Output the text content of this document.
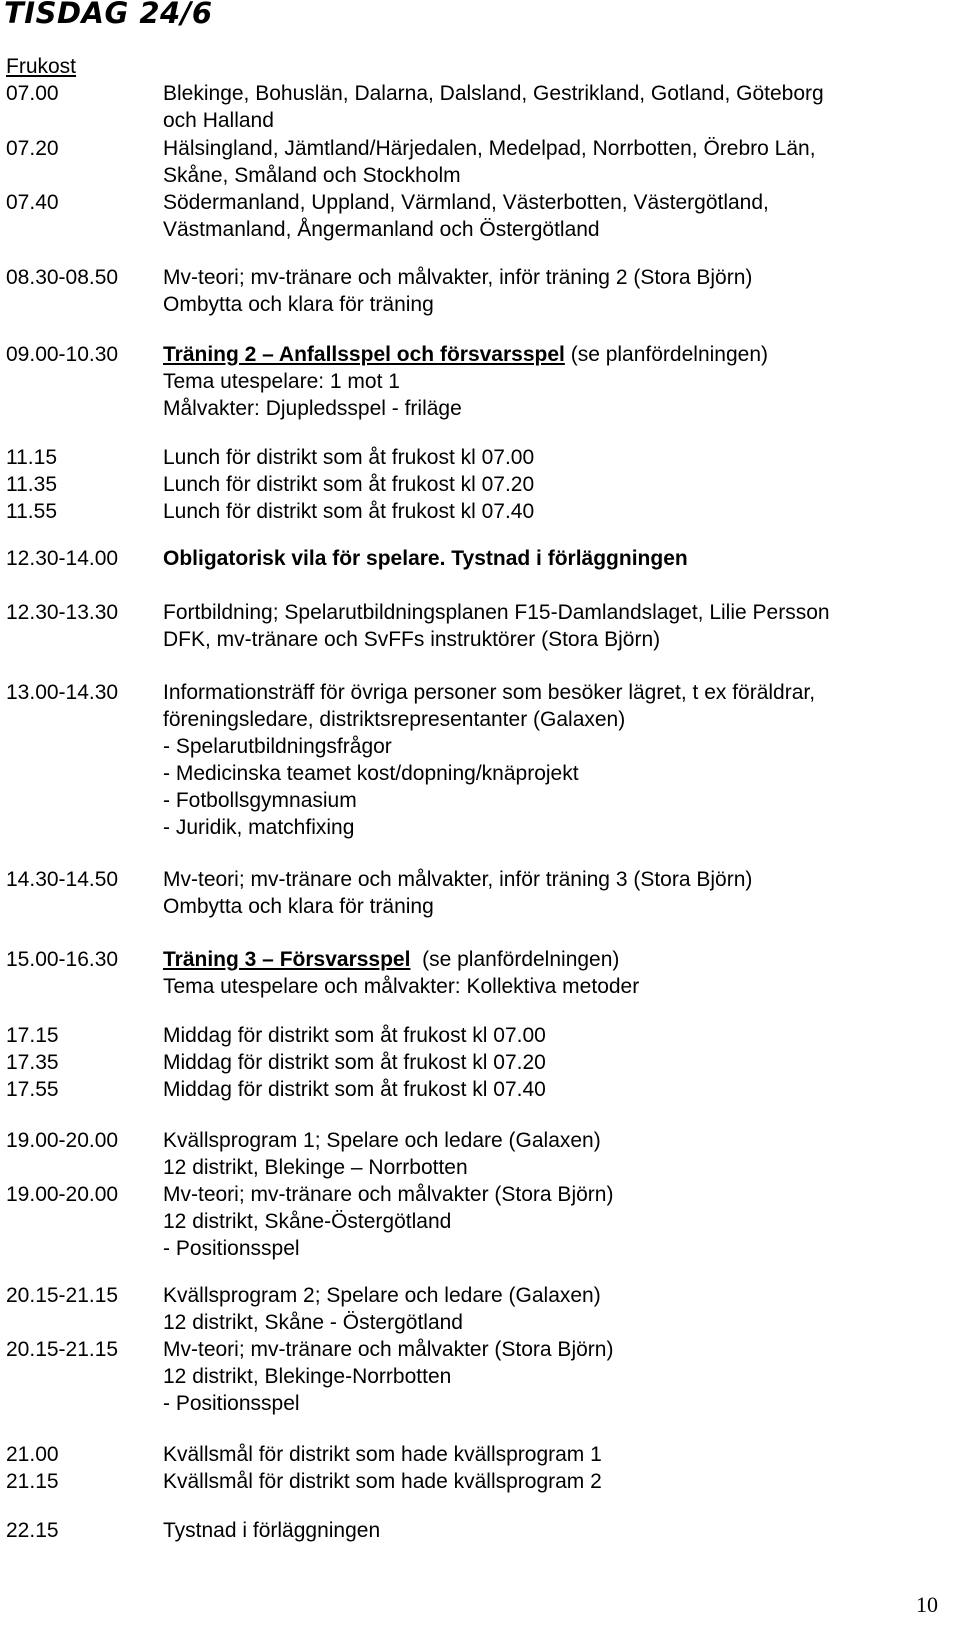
TISDAG 24/6
Frukost
07.00	Blekinge, Bohuslän, Dalarna, Dalsland, Gestrikland, Gotland, Göteborg
och Halland
07.20	Hälsingland, Jämtland/Härjedalen, Medelpad, Norrbotten, Örebro Län,
Skåne, Småland och Stockholm
07.40	Södermanland, Uppland, Värmland, Västerbotten, Västergötland,
Västmanland, Ångermanland och Östergötland
08.30-08.50 Mv-teori; mv-tränare och målvakter, inför träning 2 (Stora Björn)
Ombytta och klara för träning
09.00-10.30 Träning 2 – Anfallsspel och försvarsspel (se planfördelningen)
Tema utespelare: 1 mot 1
Målvakter: Djupledsspel - friläge
11.15	Lunch för distrikt som åt frukost kl 07.00
11.35	Lunch för distrikt som åt frukost kl 07.20
11.55	Lunch för distrikt som åt frukost kl 07.40
12.30-14.00 Obligatorisk vila för spelare. Tystnad i förläggningen
12.30-13.30 Fortbildning; Spelarutbildningsplanen F15-Damlandslaget, Lilie Persson
DFK, mv-tränare och SvFFs instruktörer (Stora Björn)
13.00-14.30 Informationsträff för övriga personer som besöker lägret, t ex föräldrar,
föreningsledare, distriktsrepresentanter (Galaxen)
- Spelarutbildningsfrågor
- Medicinska teamet kost/dopning/knäprojekt
- Fotbollsgymnasium
- Juridik, matchfixing
14.30-14.50 Mv-teori; mv-tränare och målvakter, inför träning 3 (Stora Björn)
Ombytta och klara för träning
15.00-16.30 Träning 3 – Försvarsspel  (se planfördelningen)
Tema utespelare och målvakter: Kollektiva metoder
17.15	Middag för distrikt som åt frukost kl 07.00
17.35	Middag för distrikt som åt frukost kl 07.20
17.55	Middag för distrikt som åt frukost kl 07.40
19.00-20.00 Kvällsprogram 1; Spelare och ledare (Galaxen)
12 distrikt, Blekinge – Norrbotten
19.00-20.00 Mv-teori; mv-tränare och målvakter (Stora Björn)
12 distrikt, Skåne-Östergötland
- Positionsspel
20.15-21.15 Kvällsprogram 2; Spelare och ledare (Galaxen)
12 distrikt, Skåne - Östergötland
20.15-21.15 Mv-teori; mv-tränare och målvakter (Stora Björn)
12 distrikt, Blekinge-Norrbotten
- Positionsspel
21.00	Kvällsmål för distrikt som hade kvällsprogram 1
21.15	Kvällsmål för distrikt som hade kvällsprogram 2
22.15	Tystnad i förläggningen
10
